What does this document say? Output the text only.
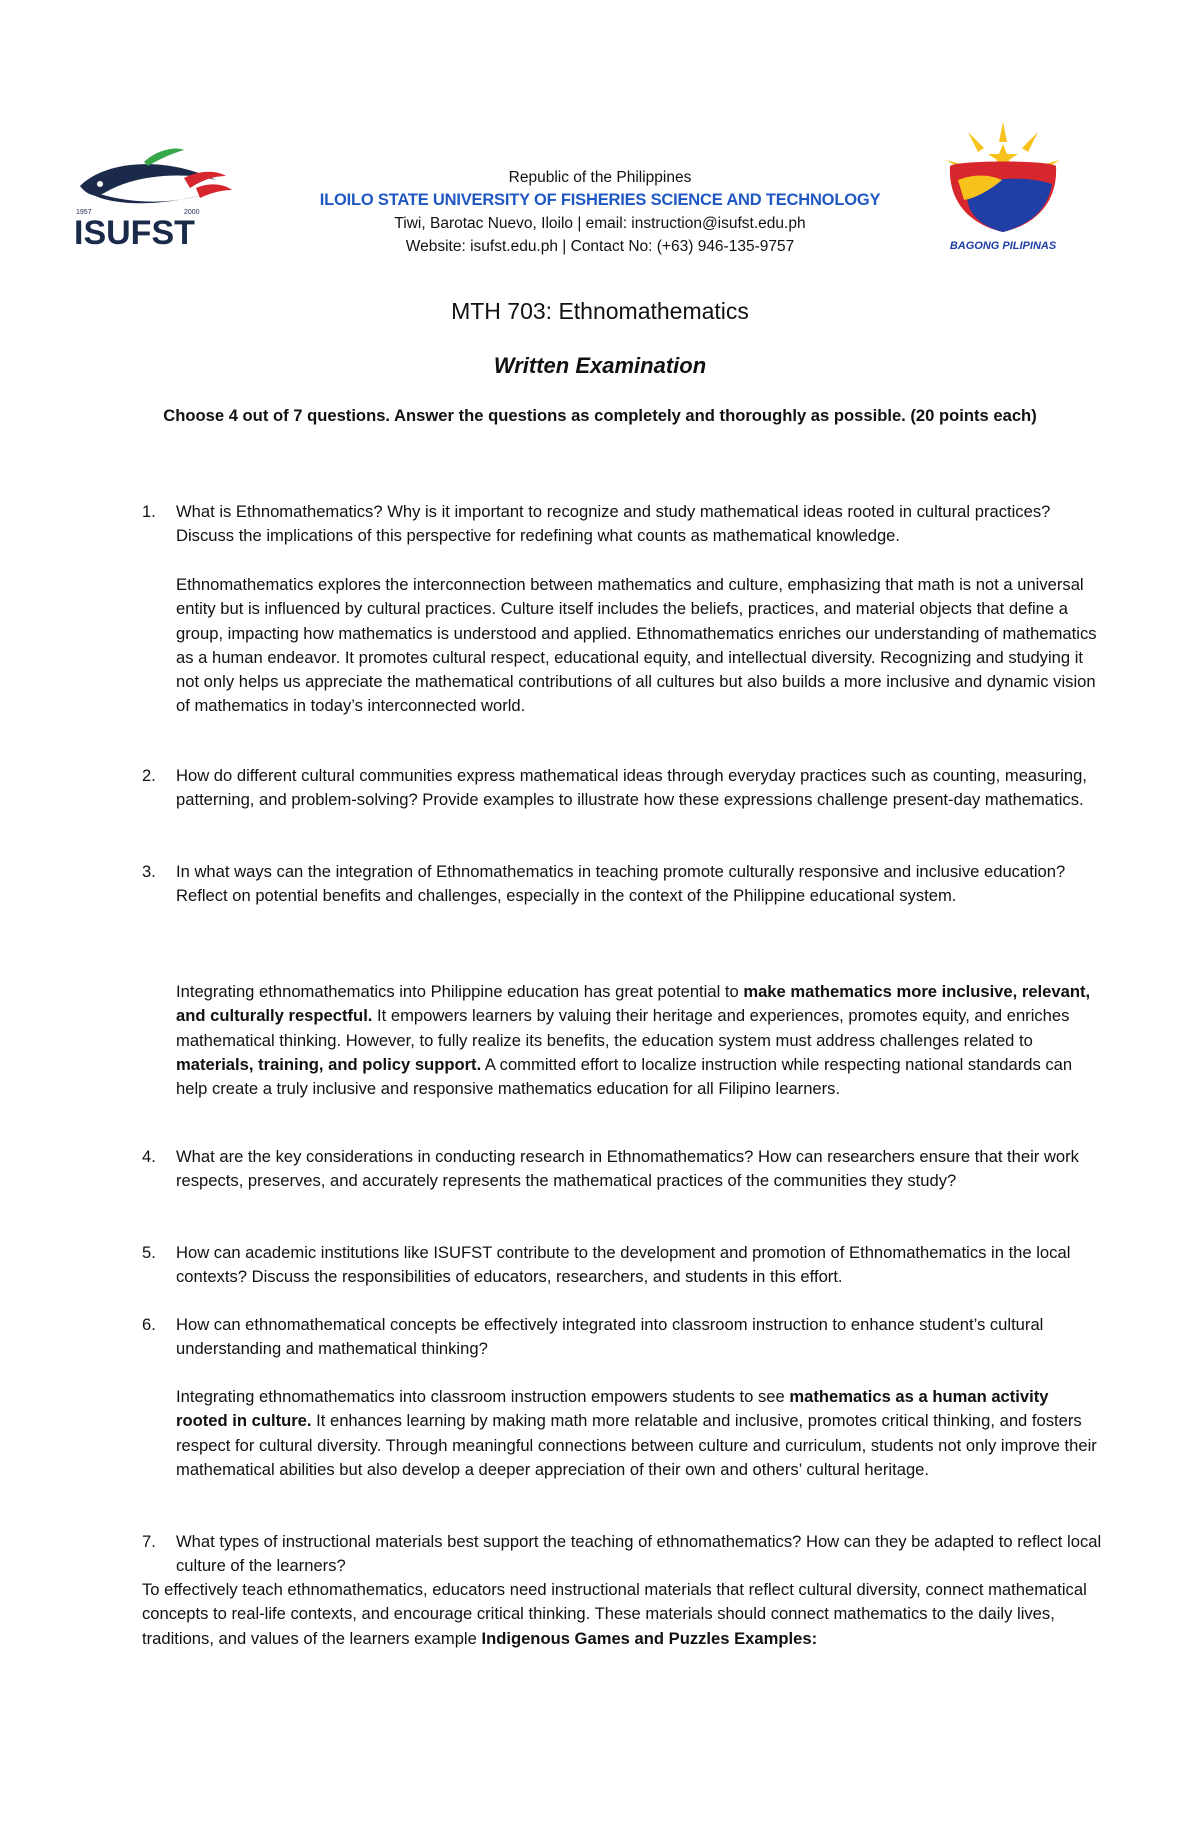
1957	2000
ISUFST
Republic of the Philippines
ILOILO STATE UNIVERSITY OF FISHERIES SCIENCE AND TECHNOLOGY
Tiwi, Barotac Nuevo, Iloilo | email: instruction@isufst.edu.ph
Website: isufst.edu.ph | Contact No: (+63) 946-135-9757	BAGONG PILIPINAS
MTH 703: Ethnomathematics
Written Examination
Choose 4 out of 7 questions. Answer the questions as completely and thoroughly as possible. (20 points each)
1.	What is Ethnomathematics? Why is it important to recognize and study mathematical ideas rooted in cultural practices? Discuss the implications of this perspective for redefining what counts as mathematical knowledge.
Ethnomathematics explores the interconnection between mathematics and culture, emphasizing that math is not a universal entity but is influenced by cultural practices. Culture itself includes the beliefs, practices, and material objects that define a group, impacting how mathematics is understood and applied. Ethnomathematics enriches our understanding of mathematics as a human endeavor. It promotes cultural respect, educational equity, and intellectual diversity. Recognizing and studying it not only helps us appreciate the mathematical contributions of all cultures but also builds a more inclusive and dynamic vision of mathematics in today’s interconnected world.
2.	How do different cultural communities express mathematical ideas through everyday practices such as counting, measuring, patterning, and problem-solving? Provide examples to illustrate how these expressions challenge present-day mathematics.
3.	In what ways can the integration of Ethnomathematics in teaching promote culturally responsive and inclusive education? Reflect on potential benefits and challenges, especially in the context of the Philippine educational system.
Integrating ethnomathematics into Philippine education has great potential to make mathematics more inclusive, relevant, and culturally respectful. It empowers learners by valuing their heritage and experiences, promotes equity, and enriches mathematical thinking. However, to fully realize its benefits, the education system must address challenges related to materials, training, and policy support. A committed effort to localize instruction while respecting national standards can help create a truly inclusive and responsive mathematics education for all Filipino learners.
4.	What are the key considerations in conducting research in Ethnomathematics? How can researchers ensure that their work respects, preserves, and accurately represents the mathematical practices of the communities they study?
5.	How can academic institutions like ISUFST contribute to the development and promotion of Ethnomathematics in the local contexts? Discuss the responsibilities of educators, researchers, and students in this effort.
6.	How can ethnomathematical concepts be effectively integrated into classroom instruction to enhance student’s cultural understanding and mathematical thinking?
Integrating ethnomathematics into classroom instruction empowers students to see mathematics as a human activity rooted in culture. It enhances learning by making math more relatable and inclusive, promotes critical thinking, and fosters respect for cultural diversity. Through meaningful connections between culture and curriculum, students not only improve their mathematical abilities but also develop a deeper appreciation of their own and others’ cultural heritage.
7.	What types of instructional materials best support the teaching of ethnomathematics? How can they be adapted to reflect local culture of the learners?
To effectively teach ethnomathematics, educators need instructional materials that reflect cultural diversity, connect mathematical concepts to real-life contexts, and encourage critical thinking. These materials should connect mathematics to the daily lives, traditions, and values of the learners example Indigenous Games and Puzzles Examples:
